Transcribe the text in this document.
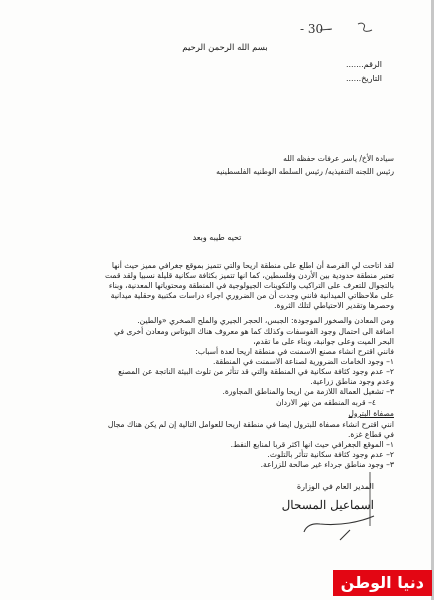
- 30 -
بسم الله الرحمن الرحيم
الرقم.......
التاريخ......
سيادة الأخ/ ياسر عرفات حفظه الله
رئيس اللجنه التنفيذيه/ رئيس السلطه الوطنيه الفلسطينيه
تحيه طيبه وبعد
لقد اتاحت لي الفرصة أن اطلع على منطقة اريحا والتي تتميز بموقع جغرافي مميز حيث أنها
تعتبر منطقة حدودية بين الأردن وفلسطين، كما انها تتميز بكثافة سكانية قليلة نسبيا ولقد قمت
بالتجوال للتعرف على التراكيب والتكوينات الجيولوجية في المنطقة ومحتوياتها المعدنية، وبناء
على ملاحظاتي الميدانية فانني وجدت أن من الضروري اجراء دراسات مكتبية وحقلية ميدانية
وحصرها وتقدير الاحتياطي لتلك الثروة.
ومن المعادن والصخور الموجودة: الجبس، الحجر الجيري والملح الصخري «والطين.
اضافة الى احتمال وجود الفوسفات وكذلك كما هو معروف هناك البوتاس ومعادن أخرى في
البحر الميت وعلى جوانبة، وبناء على ما تقدم،
فانني اقترح انشاء مصنع الاسمنت في منطقة اريحا لعدة أسباب:
١– وجود الخامات الضرورية لصناعة الاسمنت في المنطقة.
٢– عدم وجود كثافة سكانية في المنطقة والتي قد تتأثر من تلوث البيئة الناتجة عن المصنع
وعدم وجود مناطق زراعية.
٣– تشغيل العمالة اللازمة من اريحا والمناطق المجاورة.
٤– قربه المنطقه من نهر الاردان
مصفاة البترول
انني اقترح انشاء مصفاة للبترول ايضا في منطقة اريحا للعوامل التالية إن لم يكن هناك مجال
في قطاع غزة.
١– الموقع الجغرافي حيث انها اكثر قربا لمنابع النفط.
٢– عدم وجود كثافة سكانية تتأثر بالتلوث.
٣– وجود مناطق جرداء غير صالحة للزراعة.
المدير العام في الوزارة
اسماعيل المسحال
دنيا الوطن
